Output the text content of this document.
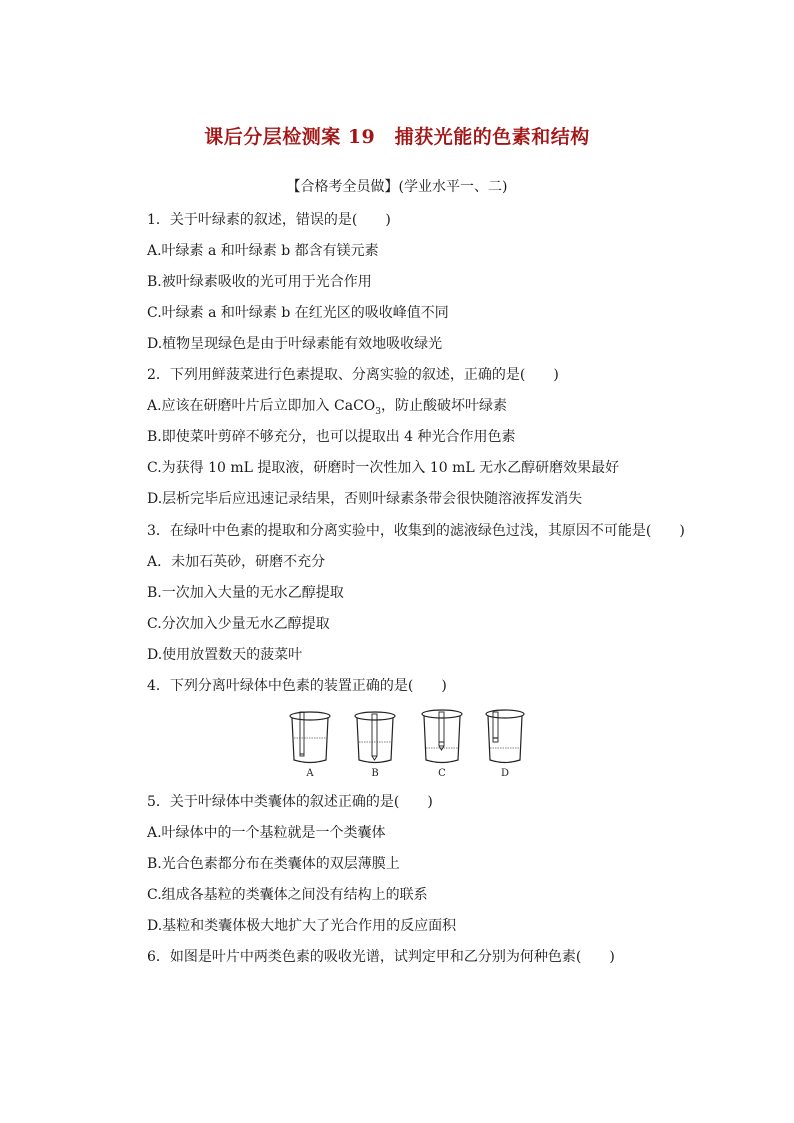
课后分层检测案 19　捕获光能的色素和结构
【合格考全员做】(学业水平一、二)
1．关于叶绿素的叙述，错误的是(　　)
A.叶绿素 a 和叶绿素 b 都含有镁元素
B.被叶绿素吸收的光可用于光合作用
C.叶绿素 a 和叶绿素 b 在红光区的吸收峰值不同
D.植物呈现绿色是由于叶绿素能有效地吸收绿光
2．下列用鲜菠菜进行色素提取、分离实验的叙述，正确的是(　　)
A.应该在研磨叶片后立即加入 CaCO$_3$，防止酸破坏叶绿素
B.即使菜叶剪碎不够充分，也可以提取出 4 种光合作用色素
C.为获得 10 mL 提取液，研磨时一次性加入 10 mL 无水乙醇研磨效果最好
D.层析完毕后应迅速记录结果，否则叶绿素条带会很快随溶液挥发消失
3．在绿叶中色素的提取和分离实验中，收集到的滤液绿色过浅，其原因不可能是(　　)
A．未加石英砂，研磨不充分
B.一次加入大量的无水乙醇提取
C.分次加入少量无水乙醇提取
D.使用放置数天的菠菜叶
4．下列分离叶绿体中色素的装置正确的是(　　)
A	B	C	D
5．关于叶绿体中类囊体的叙述正确的是(　　)
A.叶绿体中的一个基粒就是一个类囊体
B.光合色素都分布在类囊体的双层薄膜上
C.组成各基粒的类囊体之间没有结构上的联系
D.基粒和类囊体极大地扩大了光合作用的反应面积
6．如图是叶片中两类色素的吸收光谱，试判定甲和乙分别为何种色素(　　)
